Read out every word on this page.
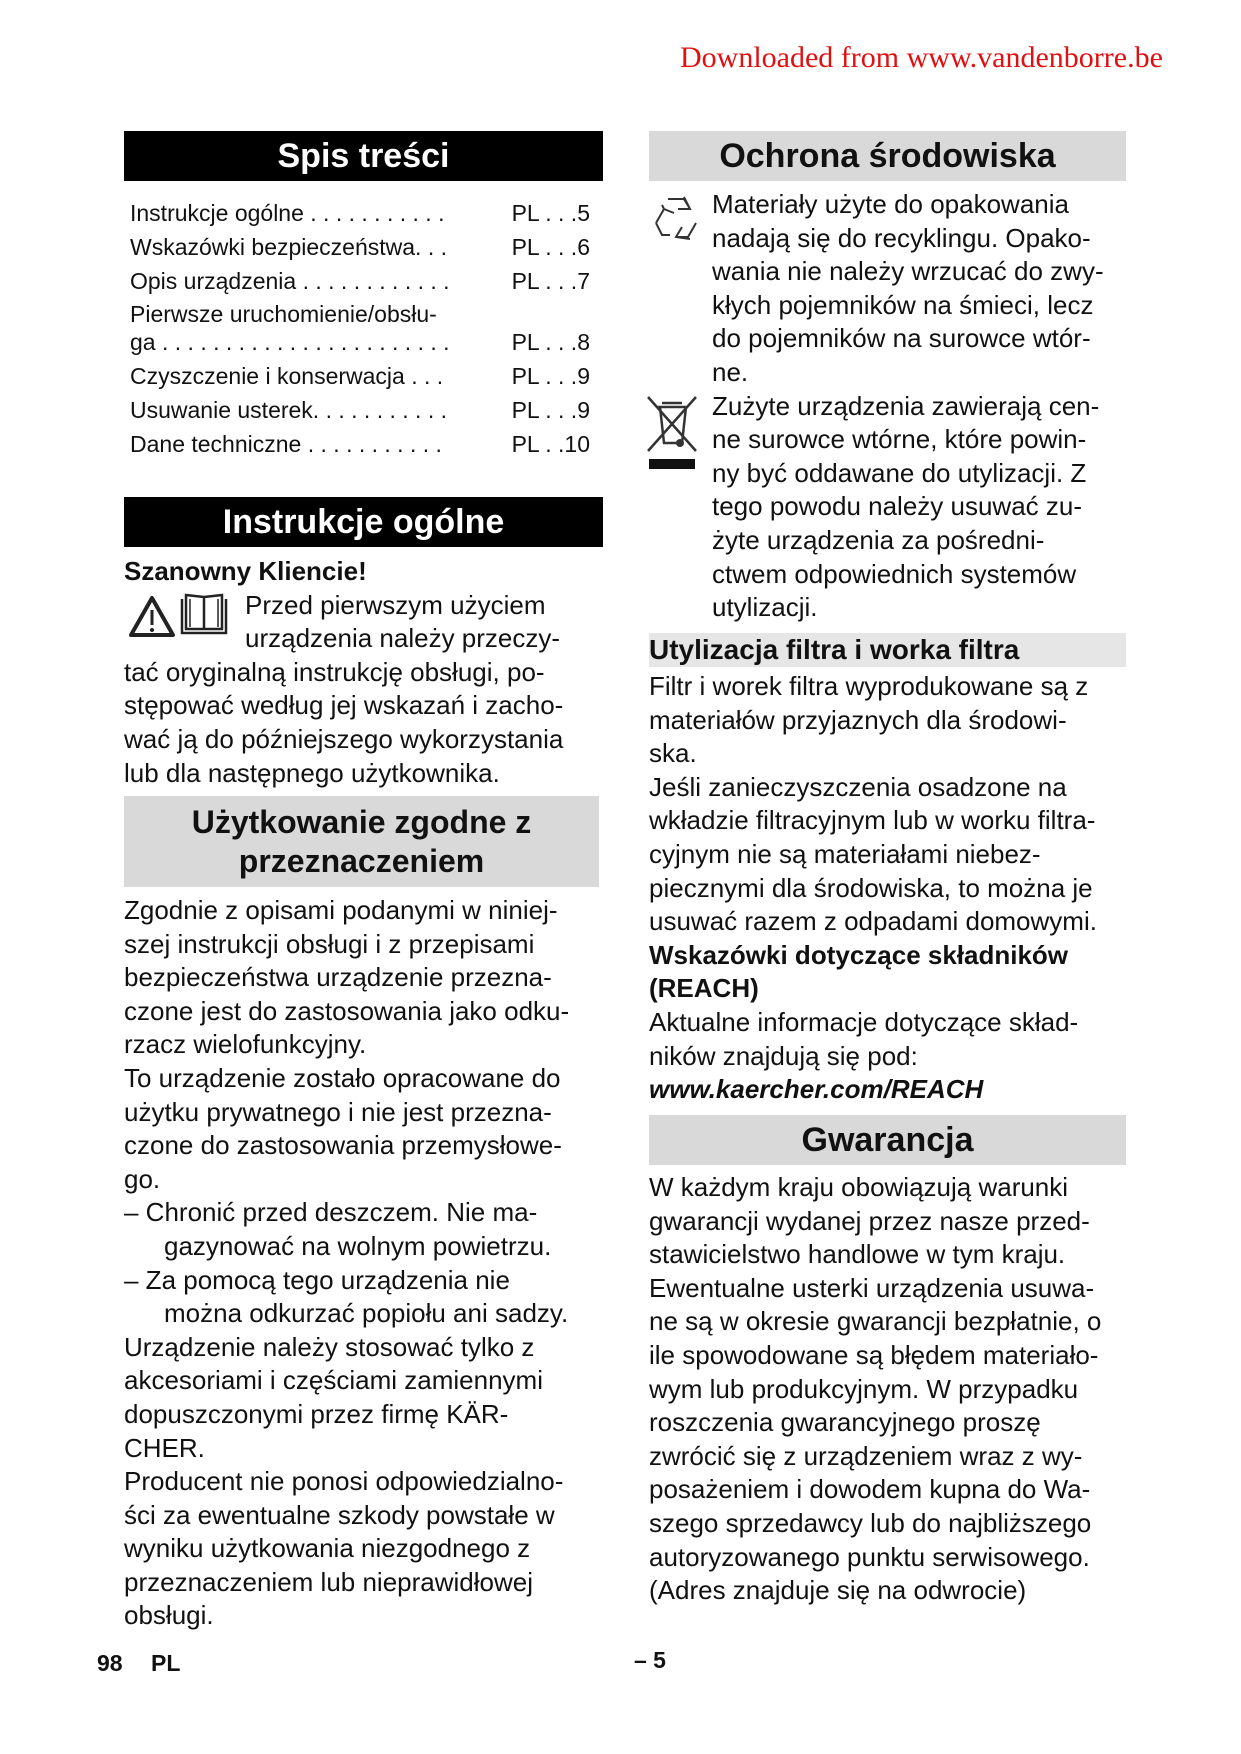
Spis treści
Instrukcje ogólne . . . . . . . . . . .	PL . . .5
Wskazówki bezpieczeństwa. . .	PL . . .6
Opis urządzenia . . . . . . . . . . . .	PL . . .7
Pierwsze uruchomienie/obsłu-
ga . . . . . . . . . . . . . . . . . . . . . . .	PL . . .8
Czyszczenie i konserwacja . . .	PL . . .9
Usuwanie usterek. . . . . . . . . . .	PL . . .9
Dane techniczne . . . . . . . . . . .	PL . .10
Instrukcje ogólne
Szanowny Kliencie!
Przed pierwszym użyciem
urządzenia należy przeczy-
tać oryginalną instrukcję obsługi, po-
stępować według jej wskazań i zacho-
wać ją do późniejszego wykorzystania
lub dla następnego użytkownika.
Użytkowanie zgodne z
przeznaczeniem
Zgodnie z opisami podanymi w niniej-
szej instrukcji obsługi i z przepisami
bezpieczeństwa urządzenie przezna-
czone jest do zastosowania jako odku-
rzacz wielofunkcyjny.
To urządzenie zostało opracowane do
użytku prywatnego i nie jest przezna-
czone do zastosowania przemysłowe-
go.
– Chronić przed deszczem. Nie ma-
gazynować na wolnym powietrzu.
– Za pomocą tego urządzenia nie
można odkurzać popiołu ani sadzy.
Urządzenie należy stosować tylko z
akcesoriami i częściami zamiennymi
dopuszczonymi przez firmę KÄR-
CHER.
Producent nie ponosi odpowiedzialno-
ści za ewentualne szkody powstałe w
wyniku użytkowania niezgodnego z
przeznaczeniem lub nieprawidłowej
obsługi.
Ochrona środowiska
Materiały użyte do opakowania
nadają się do recyklingu. Opako-
wania nie należy wrzucać do zwy-
kłych pojemników na śmieci, lecz
do pojemników na surowce wtór-
ne.
Zużyte urządzenia zawierają cen-
ne surowce wtórne, które powin-
ny być oddawane do utylizacji. Z
tego powodu należy usuwać zu-
żyte urządzenia za pośredni-
ctwem odpowiednich systemów
utylizacji.
Utylizacja filtra i worka filtra
Filtr i worek filtra wyprodukowane są z
materiałów przyjaznych dla środowi-
ska.
Jeśli zanieczyszczenia osadzone na
wkładzie filtracyjnym lub w worku filtra-
cyjnym nie są materiałami niebez-
piecznymi dla środowiska, to można je
usuwać razem z odpadami domowymi.
Wskazówki dotyczące składników
(REACH)
Aktualne informacje dotyczące skład-
ników znajdują się pod:
www.kaercher.com/REACH
Gwarancja
W każdym kraju obowiązują warunki
gwarancji wydanej przez nasze przed-
stawicielstwo handlowe w tym kraju.
Ewentualne usterki urządzenia usuwa-
ne są w okresie gwarancji bezpłatnie, o
ile spowodowane są błędem materiało-
wym lub produkcyjnym. W przypadku
roszczenia gwarancyjnego proszę
zwrócić się z urządzeniem wraz z wy-
posażeniem i dowodem kupna do Wa-
szego sprzedawcy lub do najbliższego
autoryzowanego punktu serwisowego.
(Adres znajduje się na odwrocie)
98 PL	– 5
Downloaded from www.vandenborre.be
